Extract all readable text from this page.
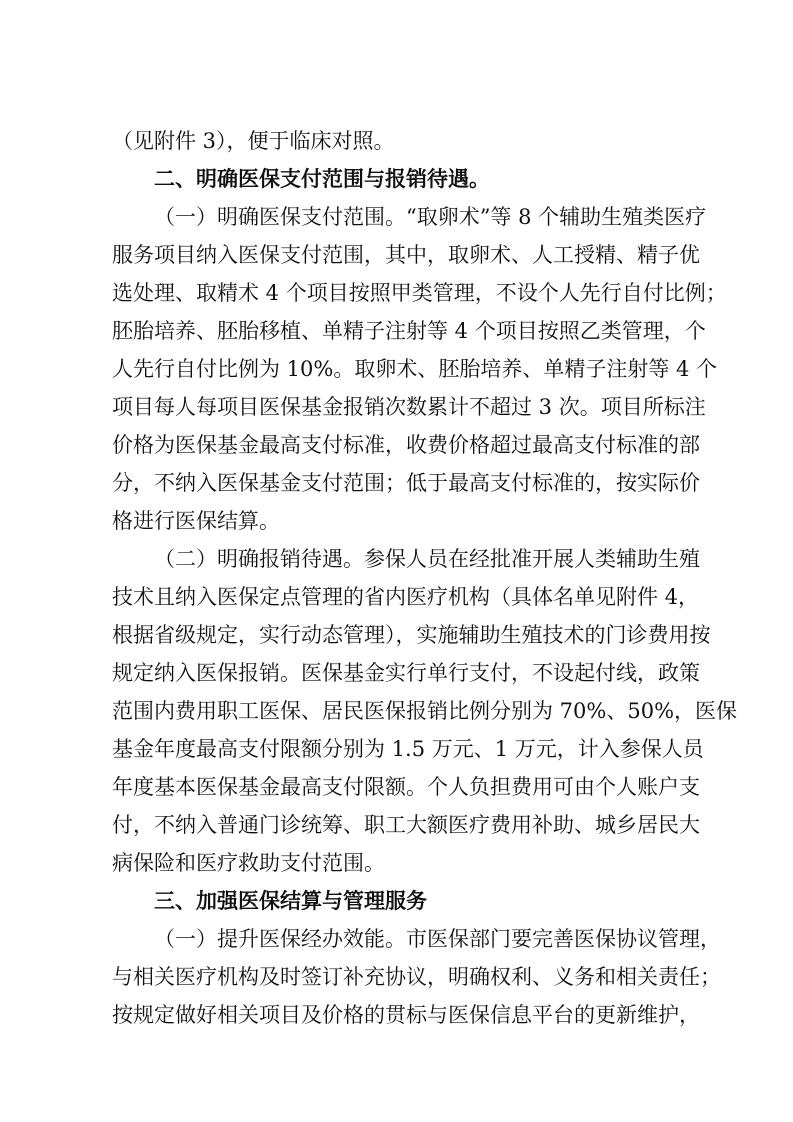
（见附件 3），便于临床对照。
二、明确医保支付范围与报销待遇。
（一）明确医保支付范围。“取卵术”等 8 个辅助生殖类医疗
服务项目纳入医保支付范围，其中，取卵术、人工授精、精子优
选处理、取精术 4 个项目按照甲类管理，不设个人先行自付比例；
胚胎培养、胚胎移植、单精子注射等 4 个项目按照乙类管理，个
人先行自付比例为 10%。取卵术、胚胎培养、单精子注射等 4 个
项目每人每项目医保基金报销次数累计不超过 3 次。项目所标注
价格为医保基金最高支付标准，收费价格超过最高支付标准的部
分，不纳入医保基金支付范围；低于最高支付标准的，按实际价
格进行医保结算。
（二）明确报销待遇。参保人员在经批准开展人类辅助生殖
技术且纳入医保定点管理的省内医疗机构（具体名单见附件 4，
根据省级规定，实行动态管理），实施辅助生殖技术的门诊费用按
规定纳入医保报销。医保基金实行单行支付，不设起付线，政策
范围内费用职工医保、居民医保报销比例分别为 70%、50%，医保
基金年度最高支付限额分别为 1.5 万元、1 万元，计入参保人员
年度基本医保基金最高支付限额。个人负担费用可由个人账户支
付，不纳入普通门诊统筹、职工大额医疗费用补助、城乡居民大
病保险和医疗救助支付范围。
三、加强医保结算与管理服务
（一）提升医保经办效能。市医保部门要完善医保协议管理，
与相关医疗机构及时签订补充协议，明确权利、义务和相关责任；
按规定做好相关项目及价格的贯标与医保信息平台的更新维护，
